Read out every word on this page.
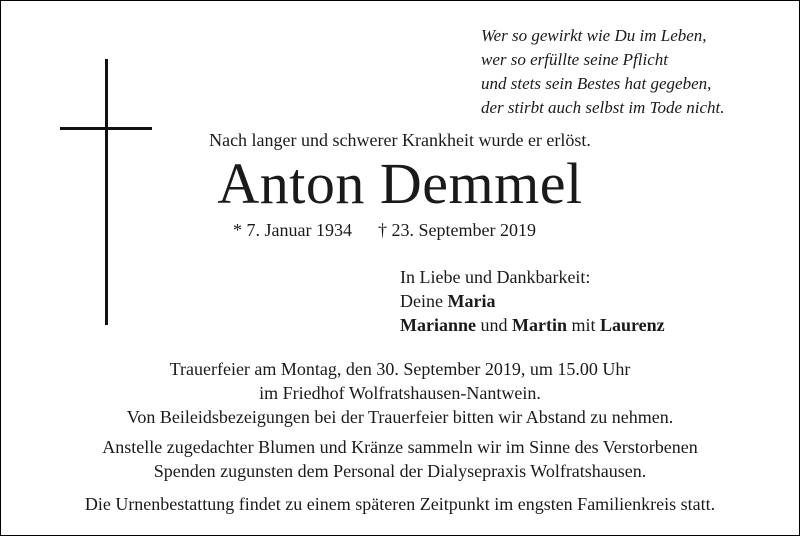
Wer so gewirkt wie Du im Leben,
wer so erfüllte seine Pflicht
und stets sein Bestes hat gegeben,
der stirbt auch selbst im Tode nicht.
Nach langer und schwerer Krankheit wurde er erlöst.
Anton Demmel
* 7. Januar 1934 † 23. September 2019
In Liebe und Dankbarkeit:
Deine Maria
Marianne und Martin mit Laurenz
Trauerfeier am Montag, den 30. September 2019, um 15.00 Uhr
im Friedhof Wolfratshausen-Nantwein.
Von Beileidsbezeigungen bei der Trauerfeier bitten wir Abstand zu nehmen.
Anstelle zugedachter Blumen und Kränze sammeln wir im Sinne des Verstorbenen
Spenden zugunsten dem Personal der Dialysepraxis Wolfratshausen.
Die Urnenbestattung findet zu einem späteren Zeitpunkt im engsten Familienkreis statt.
